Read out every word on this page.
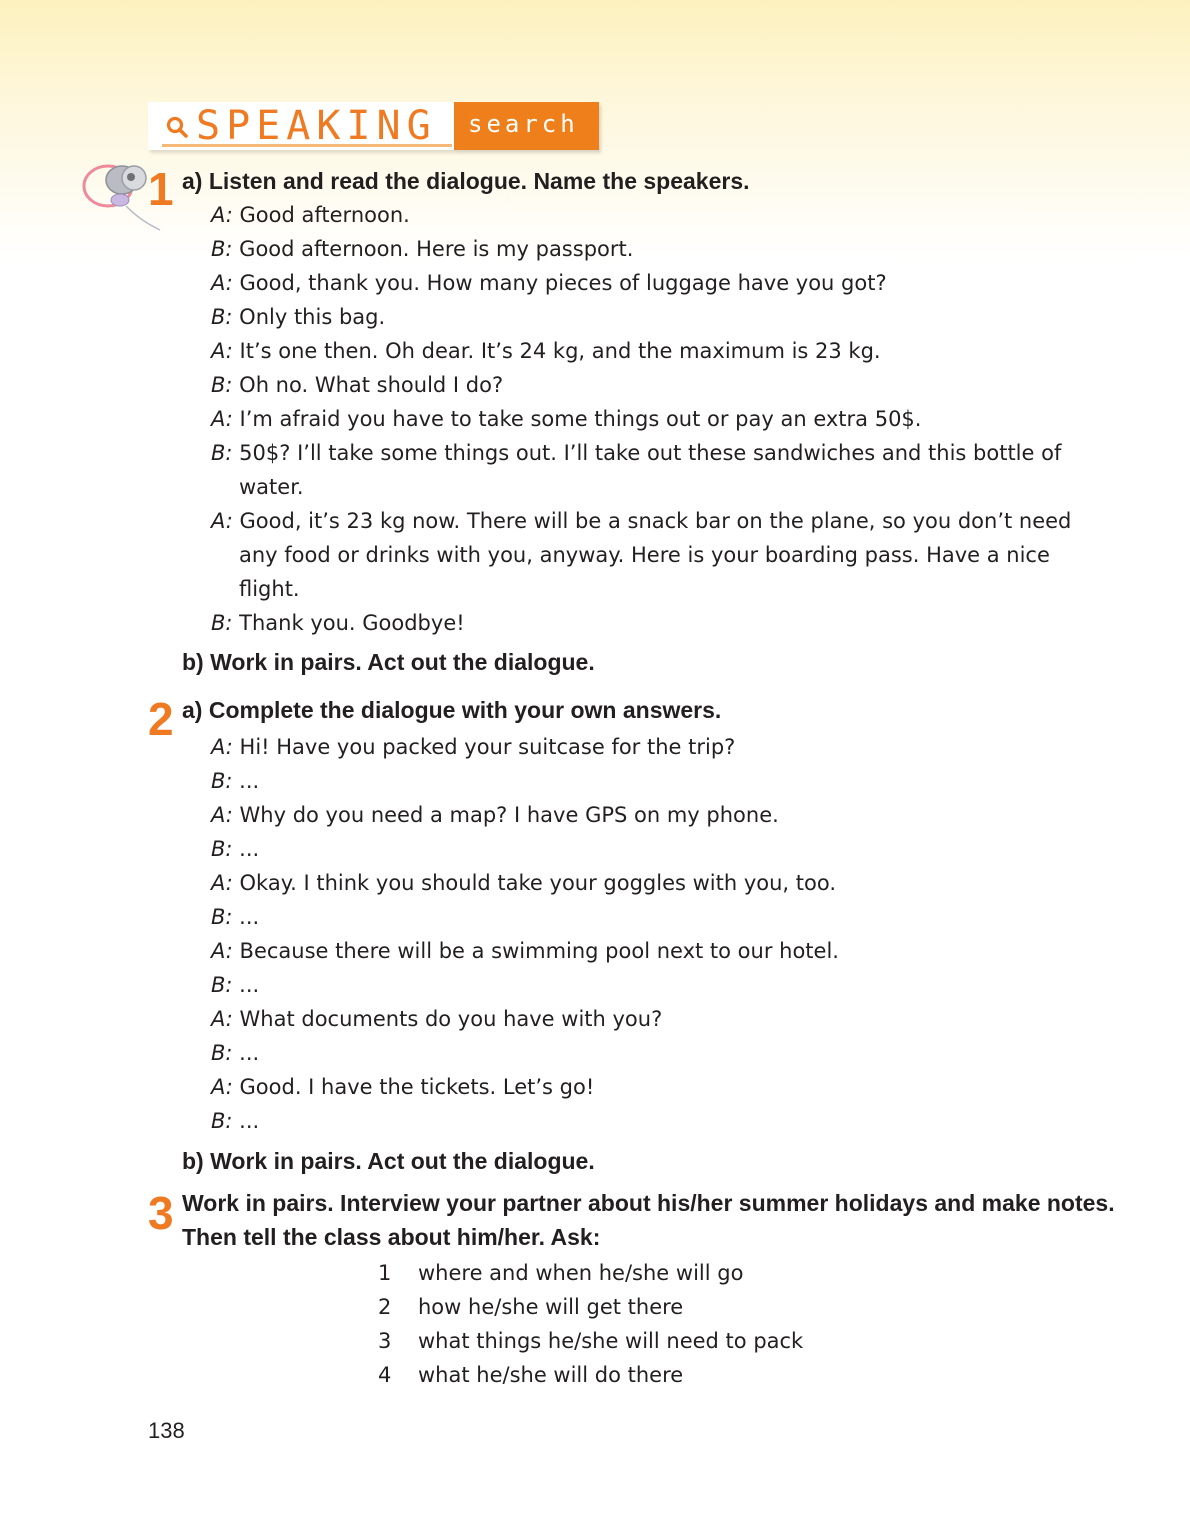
SPEAKING search
1 a) Listen and read the dialogue. Name the speakers.
A: Good afternoon.
B: Good afternoon. Here is my passport.
A: Good, thank you. How many pieces of luggage have you got?
B: Only this bag.
A: It’s one then. Oh dear. It’s 24 kg, and the maximum is 23 kg.
B: Oh no. What should I do?
A: I’m afraid you have to take some things out or pay an extra 50$.
B: 50$? I’ll take some things out. I’ll take out these sandwiches and this bottle of
water.
A: Good, it’s 23 kg now. There will be a snack bar on the plane, so you don’t need
any food or drinks with you, anyway. Here is your boarding pass. Have a nice
flight.
B: Thank you. Goodbye!
b) Work in pairs. Act out the dialogue.
2 a) Complete the dialogue with your own answers.
A: Hi! Have you packed your suitcase for the trip?
B: ...
A: Why do you need a map? I have GPS on my phone.
B: ...
A: Okay. I think you should take your goggles with you, too.
B: ...
A: Because there will be a swimming pool next to our hotel.
B: ...
A: What documents do you have with you?
B: ...
A: Good. I have the tickets. Let’s go!
B: ...
b) Work in pairs. Act out the dialogue.
3 Work in pairs. Interview your partner about his/her summer holidays and make notes.
Then tell the class about him/her. Ask:
1	where and when he/she will go
2	how he/she will get there
3	what things he/she will need to pack
4	what he/she will do there
138
